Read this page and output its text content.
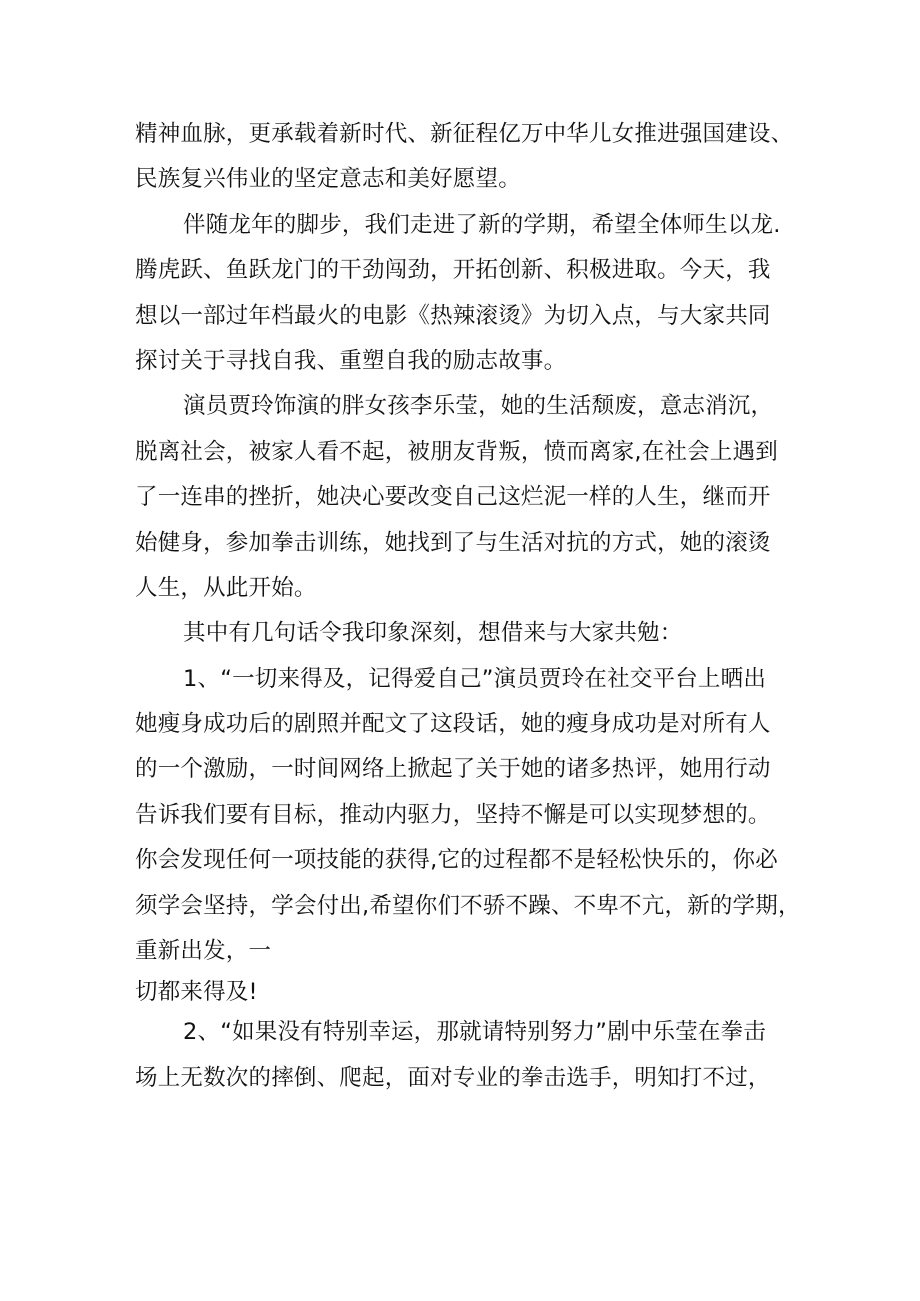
精神血脉，更承载着新时代、新征程亿万中华儿女推进强国建设、
民族复兴伟业的坚定意志和美好愿望。
伴随龙年的脚步，我们走进了新的学期，希望全体师生以龙.
腾虎跃、鱼跃龙门的干劲闯劲，开拓创新、积极进取。今天，我
想以一部过年档最火的电影《热辣滚烫》为切入点，与大家共同
探讨关于寻找自我、重塑自我的励志故事。
演员贾玲饰演的胖女孩李乐莹，她的生活颓废，意志消沉，
脱离社会，被家人看不起，被朋友背叛，愤而离家,在社会上遇到
了一连串的挫折，她决心要改变自己这烂泥一样的人生，继而开
始健身，参加拳击训练，她找到了与生活对抗的方式，她的滚烫
人生，从此开始。
其中有几句话令我印象深刻，想借来与大家共勉：
1、“一切来得及，记得爱自己”演员贾玲在社交平台上晒出
她瘦身成功后的剧照并配文了这段话，她的瘦身成功是对所有人
的一个激励，一时间网络上掀起了关于她的诸多热评，她用行动
告诉我们要有目标，推动内驱力，坚持不懈是可以实现梦想的。
你会发现任何一项技能的获得,它的过程都不是轻松快乐的，你必
须学会坚持，学会付出,希望你们不骄不躁、不卑不亢，新的学期，
重新出发，一
切都来得及!
2、“如果没有特别幸运，那就请特别努力”剧中乐莹在拳击
场上无数次的摔倒、爬起，面对专业的拳击选手，明知打不过，
